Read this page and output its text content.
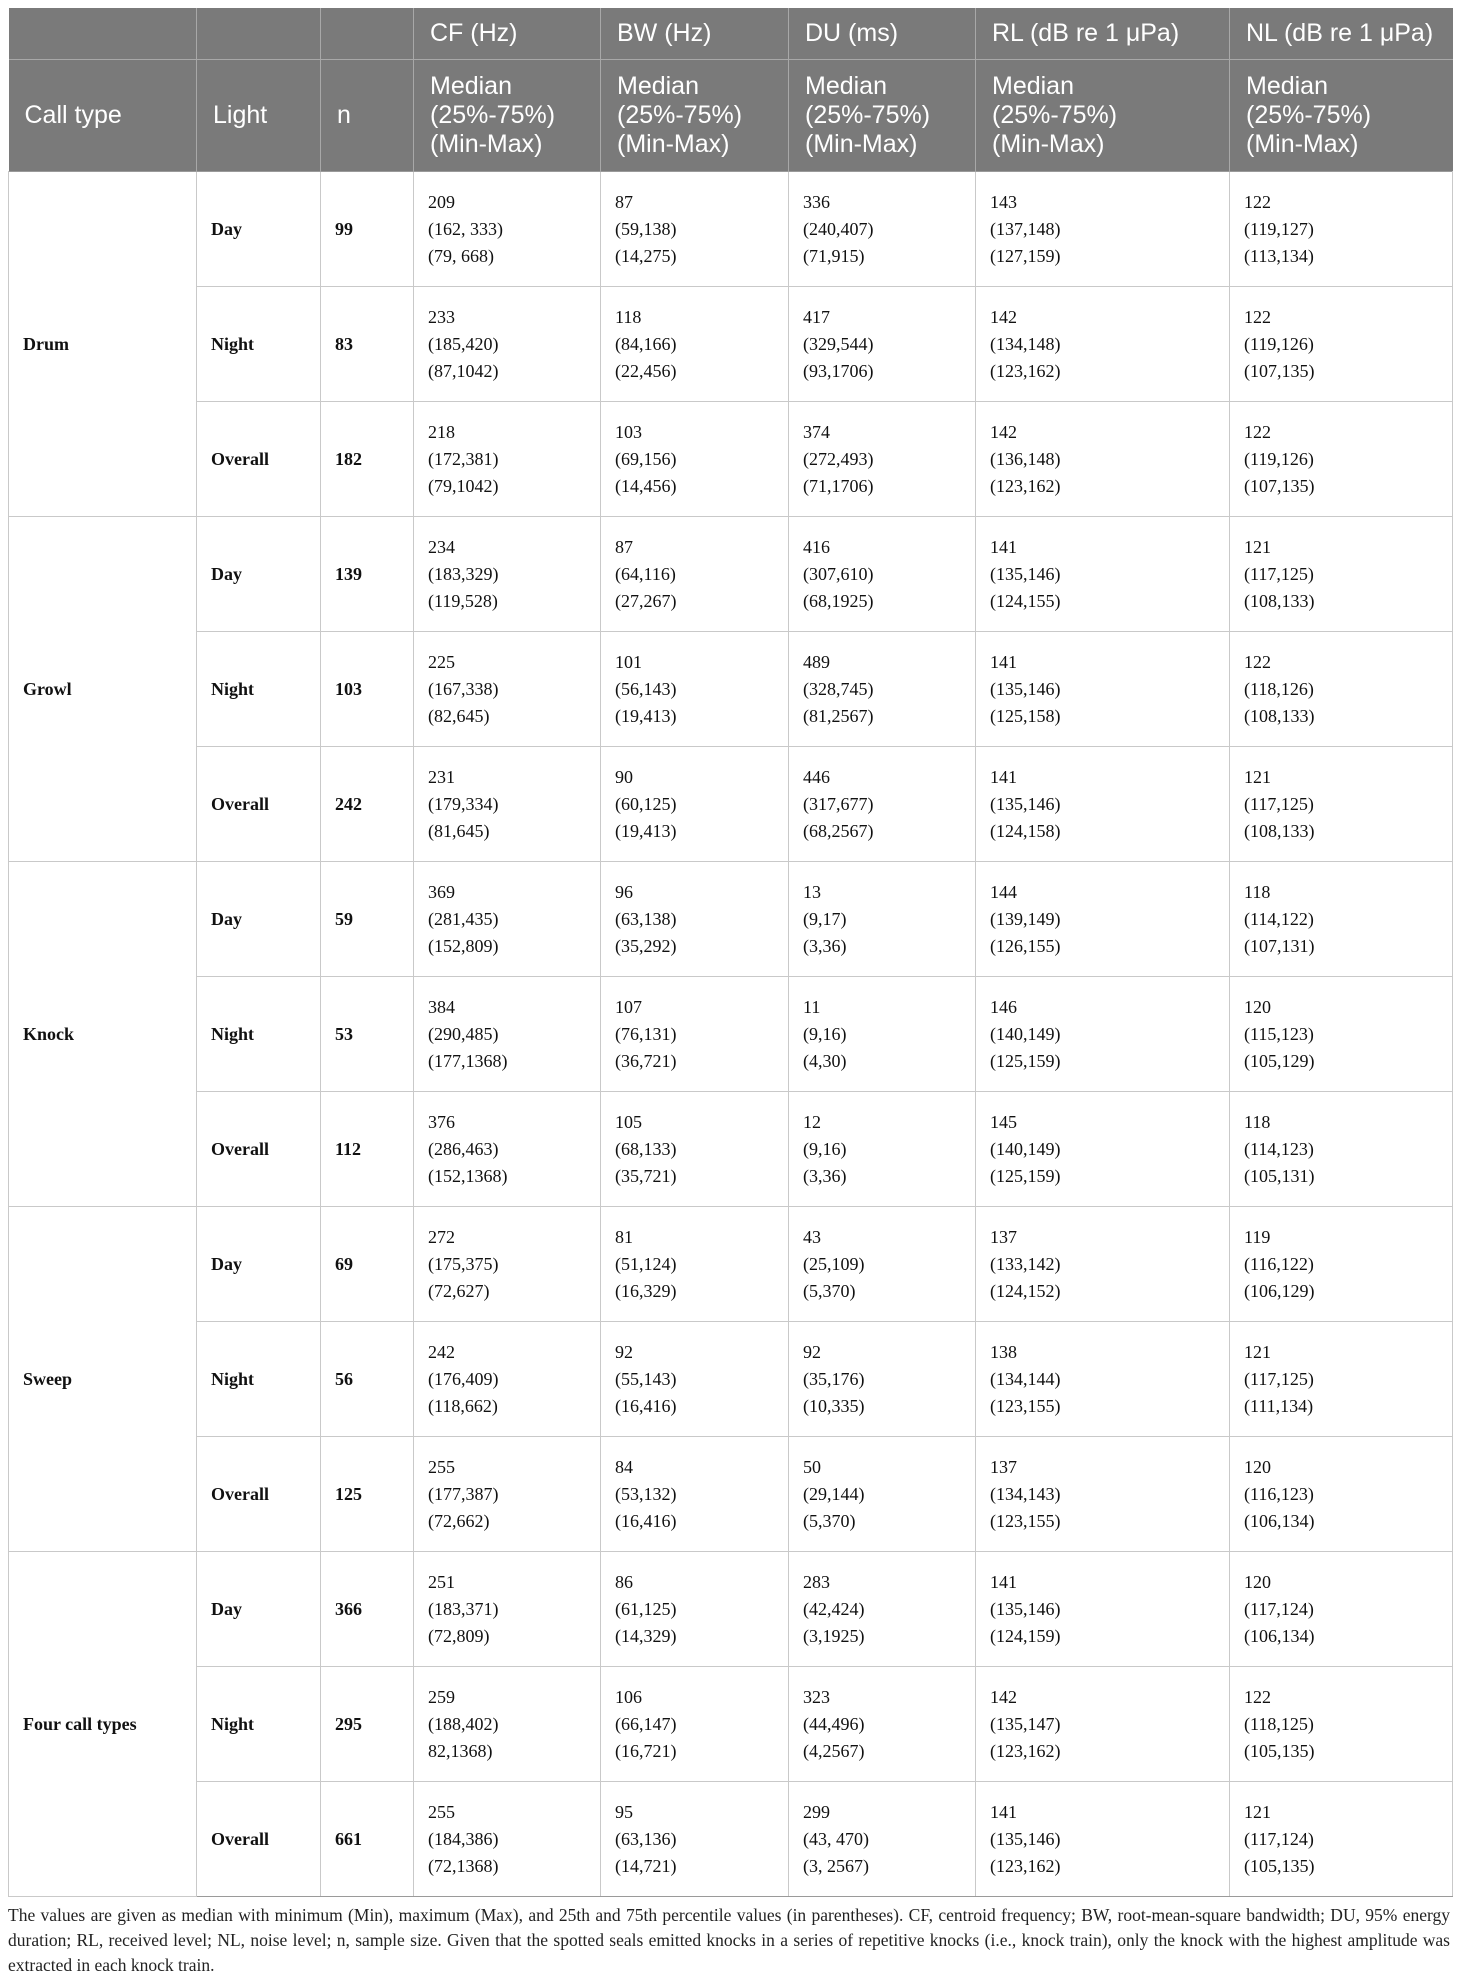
			CF (Hz)	BW (Hz)	DU (ms)	RL (dB re 1 μPa)	NL (dB re 1 μPa)
Call type	Light	n	Median
(25%-75%)
(Min-Max)	Median
(25%-75%)
(Min-Max)	Median
(25%-75%)
(Min-Max)	Median
(25%-75%)
(Min-Max)	Median
(25%-75%)
(Min-Max)

Drum	Day	99	209
(162, 333)
(79, 668)	87
(59,138)
(14,275)	336
(240,407)
(71,915)	143
(137,148)
(127,159)	122
(119,127)
(113,134)

	Night	83	233
(185,420)
(87,1042)	118
(84,166)
(22,456)	417
(329,544)
(93,1706)	142
(134,148)
(123,162)	122
(119,126)
(107,135)

	Overall	182	218
(172,381)
(79,1042)	103
(69,156)
(14,456)	374
(272,493)
(71,1706)	142
(136,148)
(123,162)	122
(119,126)
(107,135)

Growl	Day	139	234
(183,329)
(119,528)	87
(64,116)
(27,267)	416
(307,610)
(68,1925)	141
(135,146)
(124,155)	121
(117,125)
(108,133)

	Night	103	225
(167,338)
(82,645)	101
(56,143)
(19,413)	489
(328,745)
(81,2567)	141
(135,146)
(125,158)	122
(118,126)
(108,133)

	Overall	242	231
(179,334)
(81,645)	90
(60,125)
(19,413)	446
(317,677)
(68,2567)	141
(135,146)
(124,158)	121
(117,125)
(108,133)

Knock	Day	59	369
(281,435)
(152,809)	96
(63,138)
(35,292)	13
(9,17)
(3,36)	144
(139,149)
(126,155)	118
(114,122)
(107,131)

	Night	53	384
(290,485)
(177,1368)	107
(76,131)
(36,721)	11
(9,16)
(4,30)	146
(140,149)
(125,159)	120
(115,123)
(105,129)

	Overall	112	376
(286,463)
(152,1368)	105
(68,133)
(35,721)	12
(9,16)
(3,36)	145
(140,149)
(125,159)	118
(114,123)
(105,131)

Sweep	Day	69	272
(175,375)
(72,627)	81
(51,124)
(16,329)	43
(25,109)
(5,370)	137
(133,142)
(124,152)	119
(116,122)
(106,129)

	Night	56	242
(176,409)
(118,662)	92
(55,143)
(16,416)	92
(35,176)
(10,335)	138
(134,144)
(123,155)	121
(117,125)
(111,134)

	Overall	125	255
(177,387)
(72,662)	84
(53,132)
(16,416)	50
(29,144)
(5,370)	137
(134,143)
(123,155)	120
(116,123)
(106,134)

Four call types	Day	366	251
(183,371)
(72,809)	86
(61,125)
(14,329)	283
(42,424)
(3,1925)	141
(135,146)
(124,159)	120
(117,124)
(106,134)

	Night	295	259
(188,402)
82,1368)	106
(66,147)
(16,721)	323
(44,496)
(4,2567)	142
(135,147)
(123,162)	122
(118,125)
(105,135)

	Overall	661	255
(184,386)
(72,1368)	95
(63,136)
(14,721)	299
(43, 470)
(3, 2567)	141
(135,146)
(123,162)	121
(117,124)
(105,135)

The values are given as median with minimum (Min), maximum (Max), and 25th and 75th percentile values (in parentheses). CF, centroid frequency; BW, root-mean-square bandwidth; DU, 95% energy duration; RL, received level; NL, noise level; n, sample size. Given that the spotted seals emitted knocks in a series of repetitive knocks (i.e., knock train), only the knock with the highest amplitude was extracted in each knock train.
